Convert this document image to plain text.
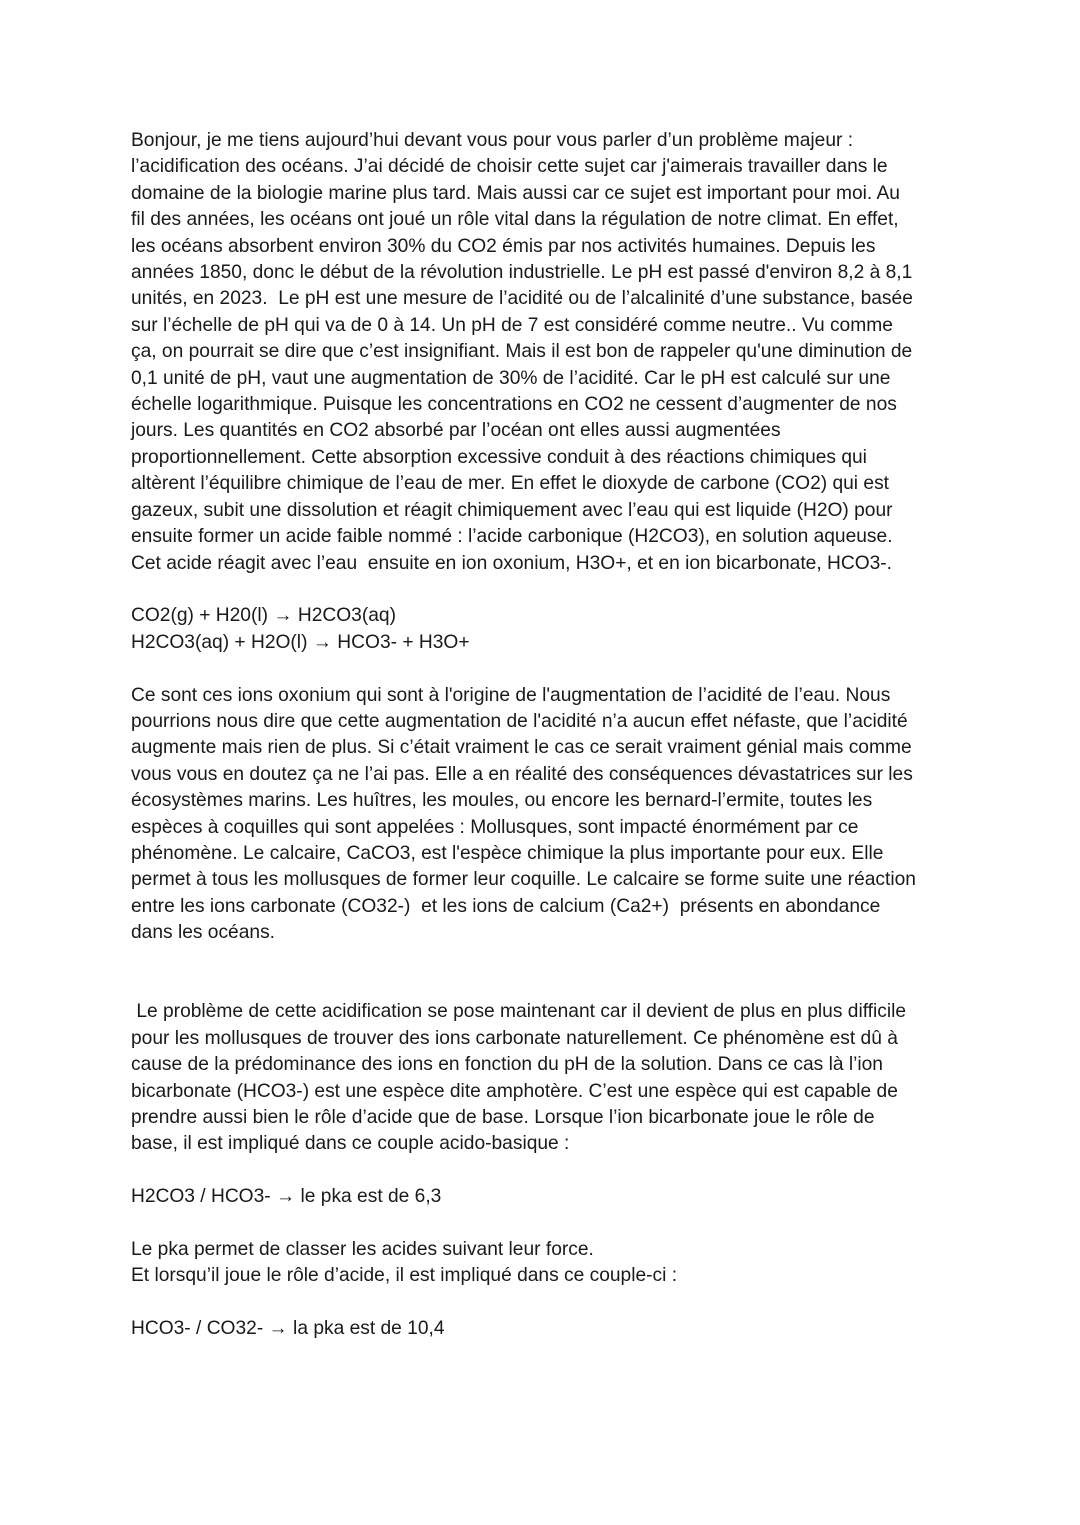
Bonjour, je me tiens aujourd’hui devant vous pour vous parler d’un problème majeur :
l’acidification des océans. J’ai décidé de choisir cette sujet car j'aimerais travailler dans le
domaine de la biologie marine plus tard. Mais aussi car ce sujet est important pour moi. Au
fil des années, les océans ont joué un rôle vital dans la régulation de notre climat. En effet,
les océans absorbent environ 30% du CO2 émis par nos activités humaines. Depuis les
années 1850, donc le début de la révolution industrielle. Le pH est passé d'environ 8,2 à 8,1
unités, en 2023.  Le pH est une mesure de l’acidité ou de l’alcalinité d’une substance, basée
sur l’échelle de pH qui va de 0 à 14. Un pH de 7 est considéré comme neutre.. Vu comme
ça, on pourrait se dire que c’est insignifiant. Mais il est bon de rappeler qu'une diminution de
0,1 unité de pH, vaut une augmentation de 30% de l’acidité. Car le pH est calculé sur une
échelle logarithmique. Puisque les concentrations en CO2 ne cessent d’augmenter de nos
jours. Les quantités en CO2 absorbé par l’océan ont elles aussi augmentées
proportionnellement. Cette absorption excessive conduit à des réactions chimiques qui
altèrent l’équilibre chimique de l’eau de mer. En effet le dioxyde de carbone (CO2) qui est
gazeux, subit une dissolution et réagit chimiquement avec l’eau qui est liquide (H2O) pour
ensuite former un acide faible nommé : l’acide carbonique (H2CO3), en solution aqueuse.
Cet acide réagit avec l’eau  ensuite en ion oxonium, H3O+, et en ion bicarbonate, HCO3-.
CO2(g) + H20(l) → H2CO3(aq)
H2CO3(aq) + H2O(l) → HCO3- + H3O+
Ce sont ces ions oxonium qui sont à l'origine de l'augmentation de l’acidité de l’eau. Nous
pourrions nous dire que cette augmentation de l'acidité n’a aucun effet néfaste, que l’acidité
augmente mais rien de plus. Si c’était vraiment le cas ce serait vraiment génial mais comme
vous vous en doutez ça ne l’ai pas. Elle a en réalité des conséquences dévastatrices sur les
écosystèmes marins. Les huîtres, les moules, ou encore les bernard-l’ermite, toutes les
espèces à coquilles qui sont appelées : Mollusques, sont impacté énormément par ce
phénomène. Le calcaire, CaCO3, est l'espèce chimique la plus importante pour eux. Elle
permet à tous les mollusques de former leur coquille. Le calcaire se forme suite une réaction
entre les ions carbonate (CO32-)  et les ions de calcium (Ca2+)  présents en abondance
dans les océans.
Le problème de cette acidification se pose maintenant car il devient de plus en plus difficile
pour les mollusques de trouver des ions carbonate naturellement. Ce phénomène est dû à
cause de la prédominance des ions en fonction du pH de la solution. Dans ce cas là l’ion
bicarbonate (HCO3-) est une espèce dite amphotère. C’est une espèce qui est capable de
prendre aussi bien le rôle d’acide que de base. Lorsque l’ion bicarbonate joue le rôle de
base, il est impliqué dans ce couple acido-basique :
H2CO3 / HCO3- → le pka est de 6,3
Le pka permet de classer les acides suivant leur force.
Et lorsqu’il joue le rôle d’acide, il est impliqué dans ce couple-ci :
HCO3- / CO32- → la pka est de 10,4
